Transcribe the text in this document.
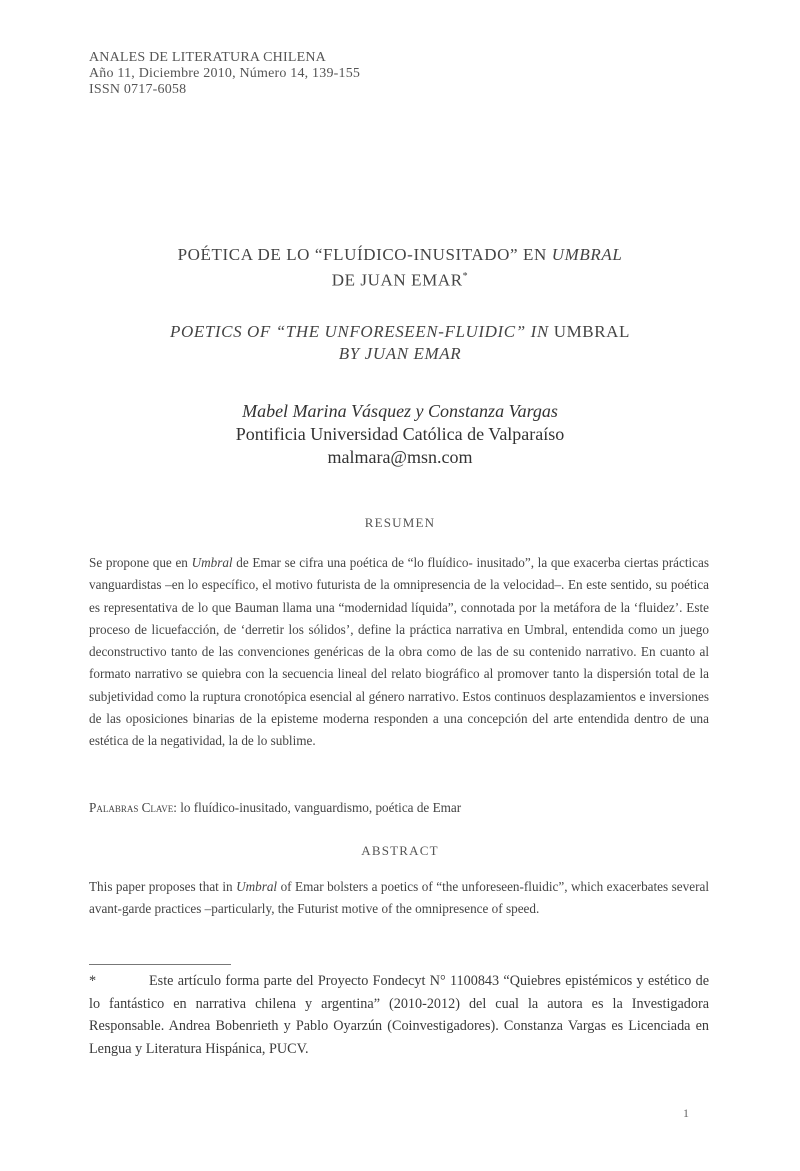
ANALES DE LITERATURA CHILENA
Año 11, Diciembre 2010, Número 14, 139-155
ISSN 0717-6058
POÉTICA DE LO “FLUÍDICO-INUSITADO” EN UMBRAL
DE JUAN EMAR*
POETICS OF “THE UNFORESEEN-FLUIDIC” IN UMBRAL
BY JUAN EMAR
Mabel Marina Vásquez y Constanza Vargas
Pontificia Universidad Católica de Valparaíso
malmara@msn.com
RESUMEN
Se propone que en Umbral de Emar se cifra una poética de “lo fluídico- inusitado”, la que exacerba ciertas prácticas vanguardistas –en lo específico, el motivo futurista de la omnipresencia de la velocidad–. En este sentido, su poética es representativa de lo que Bauman llama una “modernidad líquida”, connotada por la metáfora de la ‘fluidez’. Este proceso de licuefacción, de ‘derretir los sólidos’, define la práctica narrativa en Umbral, entendida como un juego deconstructivo tanto de las convenciones genéricas de la obra como de las de su contenido narrativo. En cuanto al formato narrativo se quiebra con la secuencia lineal del relato biográfico al promover tanto la dispersión total de la subjetividad como la ruptura cronotópica esencial al género narrativo. Estos continuos desplazamientos e inversiones de las oposiciones binarias de la episteme moderna responden a una concepción del arte entendida dentro de una estética de la negatividad, la de lo sublime.
Palabras Clave: lo fluídico-inusitado, vanguardismo, poética de Emar
ABSTRACT
This paper proposes that in Umbral of Emar bolsters a poetics of “the unforeseen-fluidic”, which exacerbates several avant-garde practices –particularly, the Futurist motive of the omnipresence of speed.
*	Este artículo forma parte del Proyecto Fondecyt N° 1100843 “Quiebres epistémicos y estético de lo fantástico en narrativa chilena y argentina” (2010-2012) del cual la autora es la Investigadora Responsable. Andrea Bobenrieth y Pablo Oyarzún (Coinvestigadores). Constanza Vargas es Licenciada en Lengua y Literatura Hispánica, PUCV.
1
